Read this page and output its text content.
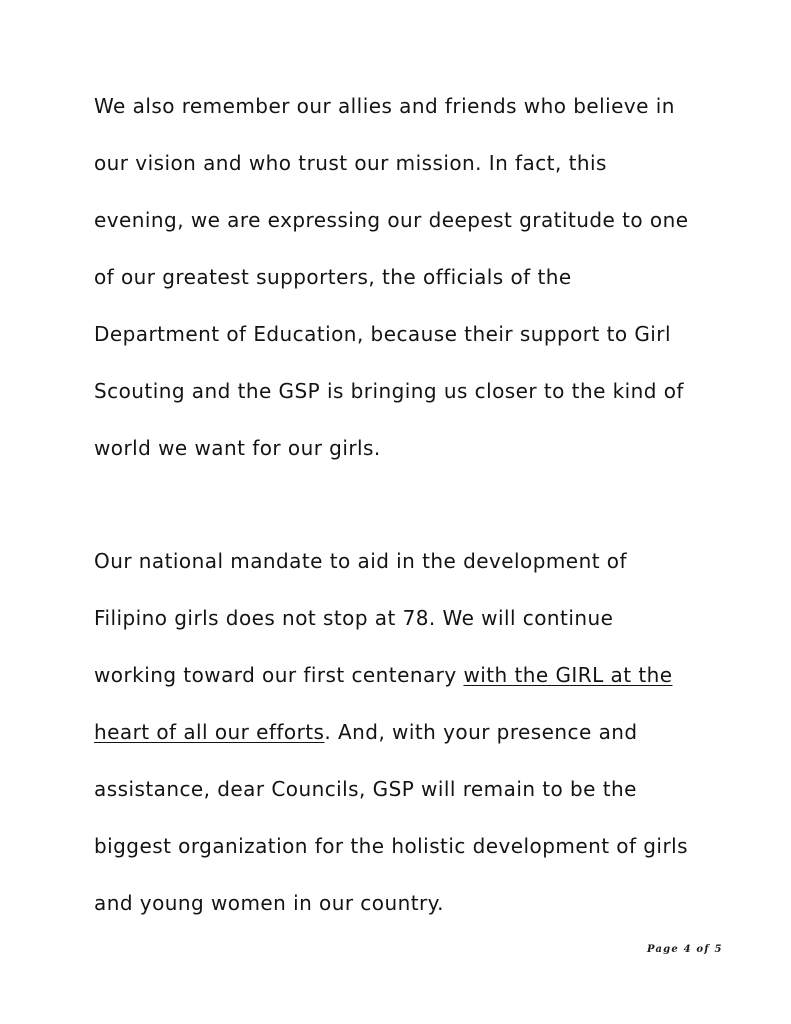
We also remember our allies and friends who believe in

our vision and who trust our mission. In fact, this

evening, we are expressing our deepest gratitude to one

of our greatest supporters, the officials of the

Department of Education, because their support to Girl

Scouting and the GSP is bringing us closer to the kind of

world we want for our girls.

Our national mandate to aid in the development of

Filipino girls does not stop at 78. We will continue

working toward our first centenary with the GIRL at the

heart of all our efforts. And, with your presence and

assistance, dear Councils, GSP will remain to be the

biggest organization for the holistic development of girls

and young women in our country.

Page 4 of 5
